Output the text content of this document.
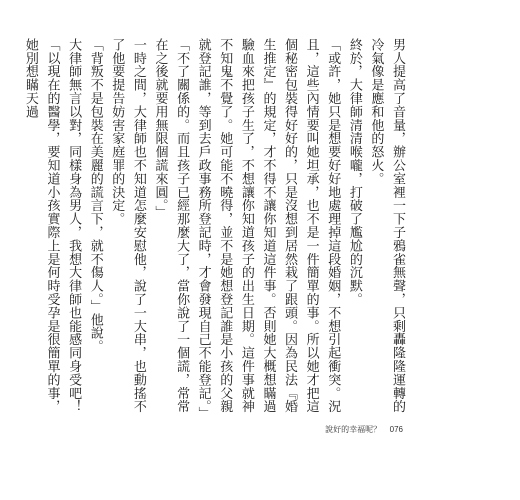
男人提高了音量，辦公室裡一下子鴉雀無聲，只剩轟隆隆運轉的冷氣像是應和他的怒火。

終於，大律師清清喉嚨，打破了尷尬的沉默。

「或許，她只是想要好好地處理掉這段婚姻，不想引起衝突。況且，這些內情要叫她坦承，也不是一件簡單的事。所以她才把這個秘密包裝得好好的，只是沒想到居然栽了跟頭。因為民法『婚生推定』的規定，才不得不讓你知道這件事。否則她大概想瞞過驗血來把孩子生了，不想讓你知道孩子的出生日期。這件事就神不知鬼不覺了。她可能不曉得，並不是她想登記誰是小孩的父親就登記誰，等到去戶政事務所登記時，才會發現自己不能登記。」

「不了關係的。而且孩子已經那麼大了，當你說了一個謊，常常在之後就要用無限個謊來圓。」

一時之間，大律師也不知道怎麼安慰他，說了一大串，也動搖不了他要提告妨害家庭罪的決定。

「背叛不是包裝在美麗的謊言下，就不傷人。」他說。

大律師無言以對，同樣身為男人，我想大律師也能感同身受吧！

「以現在的醫學，要知道小孩實際上是何時受孕是很簡單的事，她別想瞞天過

說好的幸福呢？ 076
